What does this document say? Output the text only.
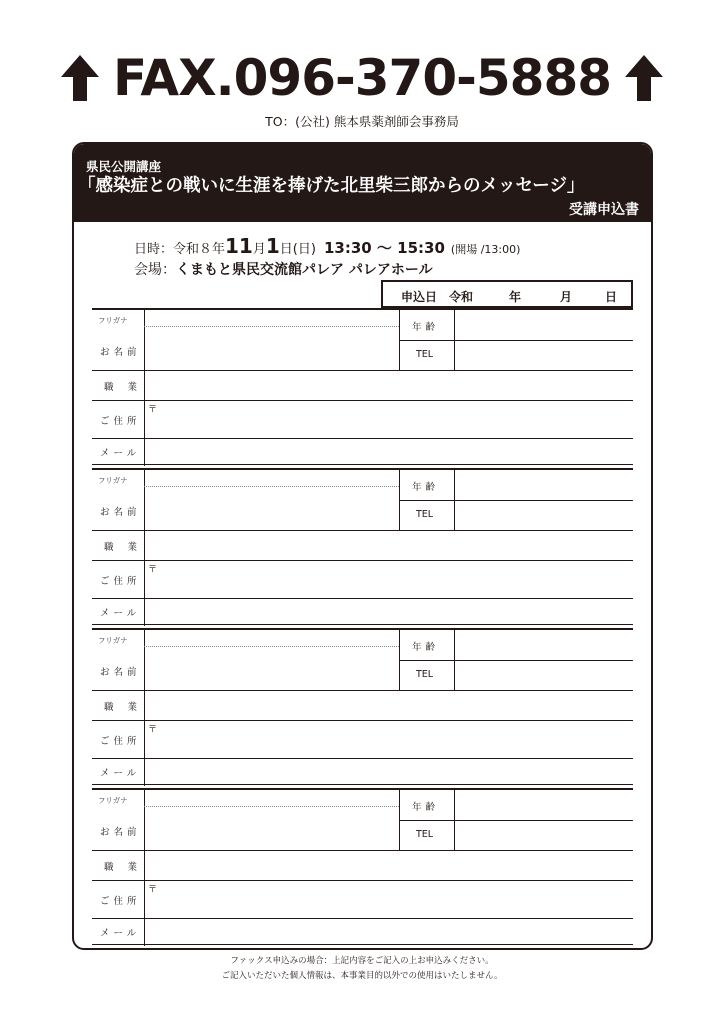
FAX.096-370-5888
TO：(公社) 熊本県薬剤師会事務局
県民公開講座
「感染症との戦いに生涯を捧げた北里柴三郎からのメッセージ」
受講申込書
日時：令和８年 11 月 1 日(日) 13:30 ～ 15:30 (開場 /13:00)
会場：くまもと県民交流館パレア パレアホール
申込日 令和	年	月	日
フリガナ
お名前
年齢
TEL
職業
ご住所
〒
メール
フリガナ
お名前
年齢
TEL
職業
ご住所
〒
メール
フリガナ
お名前
年齢
TEL
職業
ご住所
〒
メール
フリガナ
お名前
年齢
TEL
職業
ご住所
〒
メール
ファックス申込みの場合：上記内容をご記入の上お申込みください。
ご記入いただいた個人情報は、本事業目的以外での使用はいたしません。
